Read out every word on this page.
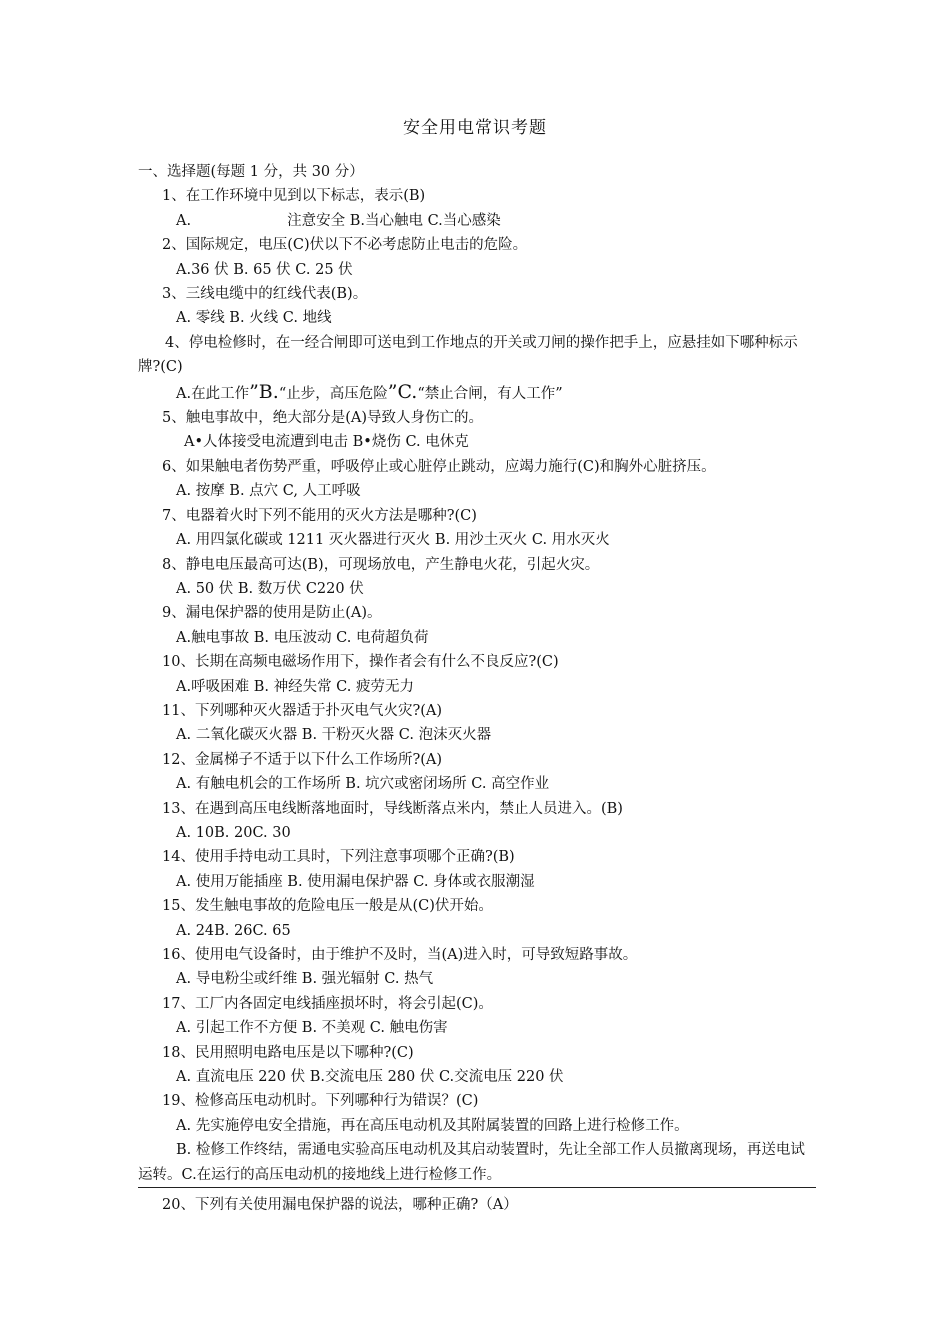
安全用电常识考题
一、选择题(每题 1 分，共 30 分）
1、在工作环境中见到以下标志，表示(B)
A.	注意安全 B.当心触电 C.当心感染
2、国际规定，电压(C)伏以下不必考虑防止电击的危险。
A.36 伏 B. 65 伏 C. 25 伏
3、三线电缆中的红线代表(B)。
A. 零线 B. 火线 C. 地线
4、停电检修时，在一经合闸即可送电到工作地点的开关或刀闸的操作把手上，应悬挂如下哪种标示牌?(C)
A.在此工作”B.“止步，高压危险”C.“禁止合闸，有人工作”
5、触电事故中，绝大部分是(A)导致人身伤亡的。
A•人体接受电流遭到电击 B•烧伤 C. 电休克
6、如果触电者伤势严重，呼吸停止或心脏停止跳动，应竭力施行(C)和胸外心脏挤压。
A. 按摩 B. 点穴 C, 人工呼吸
7、电器着火时下列不能用的灭火方法是哪种?(C)
A. 用四氯化碳或 1211 灭火器进行灭火 B. 用沙土灭火 C. 用水灭火
8、静电电压最高可达(B)，可现场放电，产生静电火花，引起火灾。
A. 50 伏 B. 数万伏 C220 伏
9、漏电保护器的使用是防止(A)。
A.触电事故 B. 电压波动 C. 电荷超负荷
10、长期在高频电磁场作用下，操作者会有什么不良反应?(C)
A.呼吸困难 B. 神经失常 C. 疲劳无力
11、下列哪种灭火器适于扑灭电气火灾?(A)
A. 二氧化碳灭火器 B. 干粉灭火器 C. 泡沫灭火器
12、金属梯子不适于以下什么工作场所?(A)
A. 有触电机会的工作场所 B. 坑穴或密闭场所 C. 高空作业
13、在遇到高压电线断落地面时，导线断落点米内，禁止人员进入。(B)
A. 10B. 20C. 30
14、使用手持电动工具时，下列注意事项哪个正确?(B)
A. 使用万能插座 B. 使用漏电保护器 C. 身体或衣服潮湿
15、发生触电事故的危险电压一般是从(C)伏开始。
A. 24B. 26C. 65
16、使用电气设备时，由于维护不及时，当(A)进入时，可导致短路事故。
A. 导电粉尘或纤维 B. 强光辐射 C. 热气
17、工厂内各固定电线插座损坏时，将会引起(C)。
A. 引起工作不方便 B. 不美观 C. 触电伤害
18、民用照明电路电压是以下哪种?(C)
A. 直流电压 220 伏 B.交流电压 280 伏 C.交流电压 220 伏
19、检修高压电动机时。下列哪种行为错误？(C)
A. 先实施停电安全措施，再在高压电动机及其附属装置的回路上进行检修工作。
B. 检修工作终结，需通电实验高压电动机及其启动装置时，先让全部工作人员撤离现场，再送电试运转。C.在运行的高压电动机的接地线上进行检修工作。
20、下列有关使用漏电保护器的说法，哪种正确?（A）
